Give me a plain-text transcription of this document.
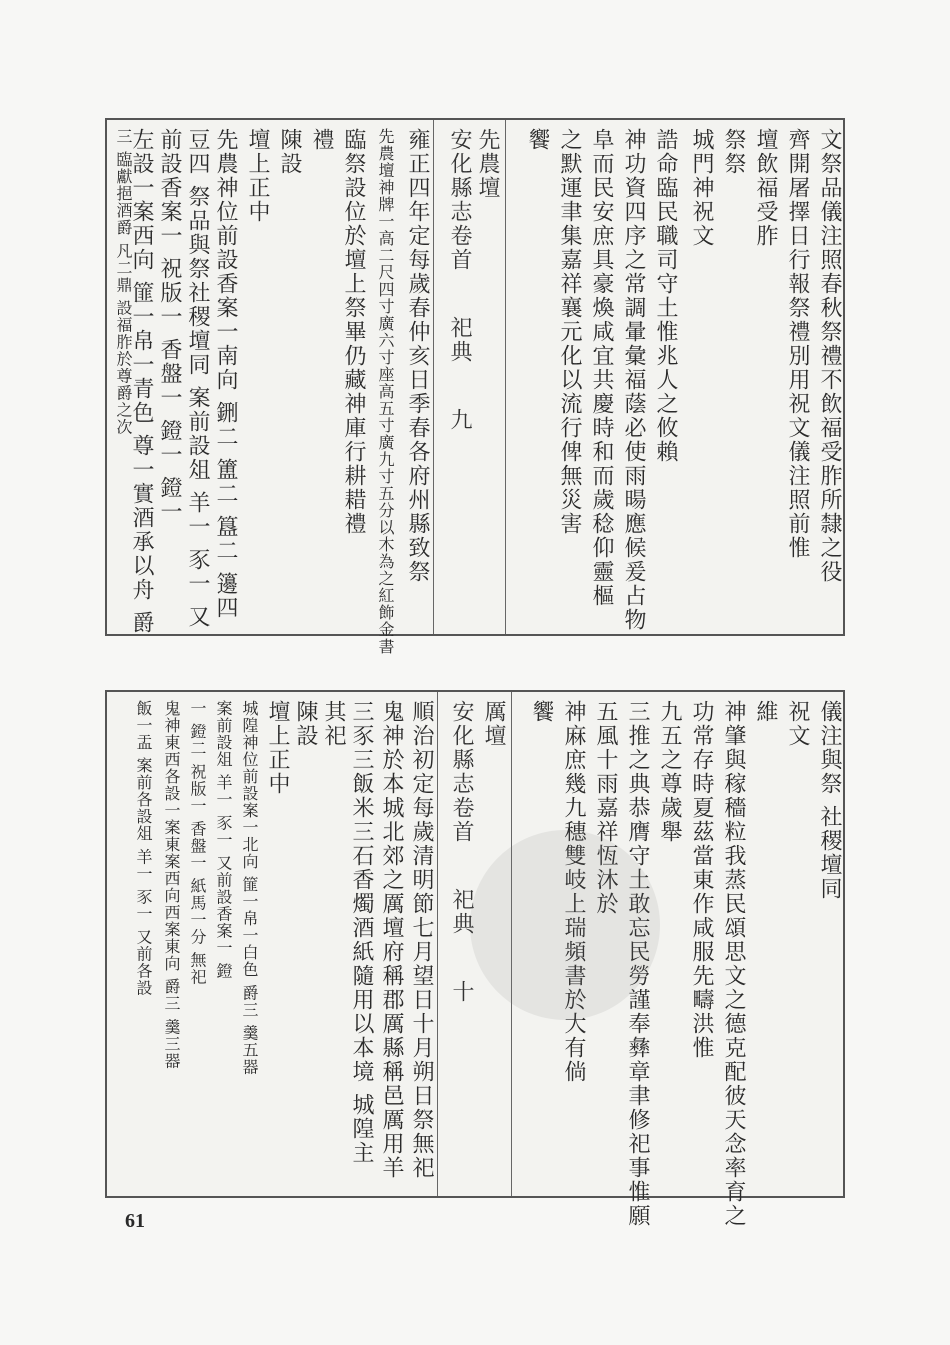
文祭品儀注照春秋祭禮不飲福受胙所隸之役
齊開屠擇日行報祭禮別用祝文儀注照前惟
壇飲福受胙
祭祭
城門神祝文
誥命臨民職司守土惟兆人之攸賴
神功資四序之常調暈彙福蔭必使雨暘應候爰占物
阜而民安庶具豪煥咸宜共慶時和而歲稔仰靈樞
之默運聿集嘉祥襄元化以流行俾無災害
饗
先農壇
安化縣志卷首  祀典  九
雍正四年定每歲春仲亥日季春各府州縣致祭
先農壇神牌一高二尺四寸廣六寸座高五寸廣九寸五分以木為之紅飾金書
臨祭設位於壇上祭畢仍藏神庫行耕耤禮
禮
陳設
壇上正中
先農神位前設香案一南向 鉶二 簠二 簋二 籩四
豆四 祭品與祭社稷壇同 案前設俎 羊一 豕一 又
前設香案一 祝版一 香盤一 鐙一 鐙一
左設一案西向 篚一帛一青色 尊一實酒承以舟 爵
三 臨獻挹酒爵 凡二鼎 設福胙於尊爵之次
儀注與祭 社稷壇同
祝文
維
神肇與稼穡粒我蒸民頌思文之德克配彼天念率育之
功常存時夏茲當東作咸服先疇洪惟
九五之尊歲舉
三推之典恭膺守土敢忘民勞謹奉彝章聿修祀事惟願
五風十雨嘉祥恆沐於
神麻庶幾九穗雙岐上瑞頻書於大有倘
饗
厲壇
安化縣志卷首  祀典  十
順治初定每歲清明節七月望日十月朔日祭無祀
鬼神於本城北郊之厲壇府稱郡厲縣稱邑厲用羊
三豕三飯米三石香燭酒紙隨用以本境 城隍主
其祀
陳設
壇上正中
城隍神位前設案一北向 篚一帛一白色 爵三 羹五器
案前設俎 羊一 豕一 又前設香案一 鐙
一 鐙二 祝版一 香盤一 紙馬一分 無祀
鬼神東西各設一案東案西向西案東向 爵三 羹三器
飯一盂 案前各設俎 羊一 豕一 又前各設
61
